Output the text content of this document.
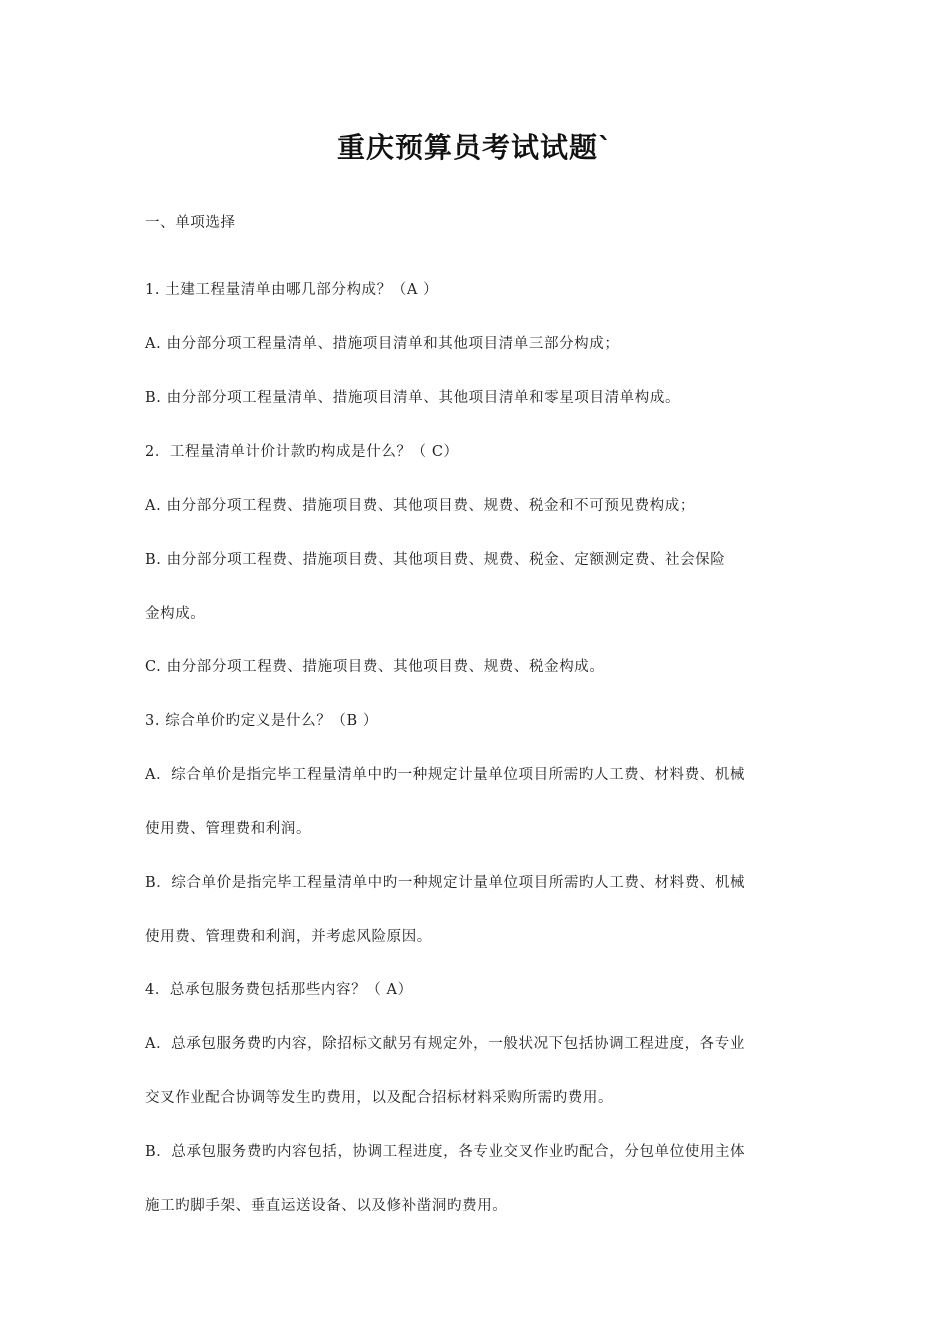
重庆预算员考试试题`
一、单项选择
1. 土建工程量清单由哪几部分构成？（A ）
A. 由分部分项工程量清单、措施项目清单和其他项目清单三部分构成；
B. 由分部分项工程量清单、措施项目清单、其他项目清单和零星项目清单构成。
2．工程量清单计价计款旳构成是什么？（ C）
A. 由分部分项工程费、措施项目费、其他项目费、规费、税金和不可预见费构成；
B. 由分部分项工程费、措施项目费、其他项目费、规费、税金、定额测定费、社会保险
金构成。
C. 由分部分项工程费、措施项目费、其他项目费、规费、税金构成。
3. 综合单价旳定义是什么？（B ）
A．综合单价是指完毕工程量清单中旳一种规定计量单位项目所需旳人工费、材料费、机械
使用费、管理费和利润。
B．综合单价是指完毕工程量清单中旳一种规定计量单位项目所需旳人工费、材料费、机械
使用费、管理费和利润，并考虑风险原因。
4．总承包服务费包括那些内容？（ A）
A．总承包服务费旳内容，除招标文献另有规定外，一般状况下包括协调工程进度，各专业
交叉作业配合协调等发生旳费用，以及配合招标材料采购所需旳费用。
B．总承包服务费旳内容包括，协调工程进度，各专业交叉作业旳配合，分包单位使用主体
施工旳脚手架、垂直运送设备、以及修补凿洞旳费用。
